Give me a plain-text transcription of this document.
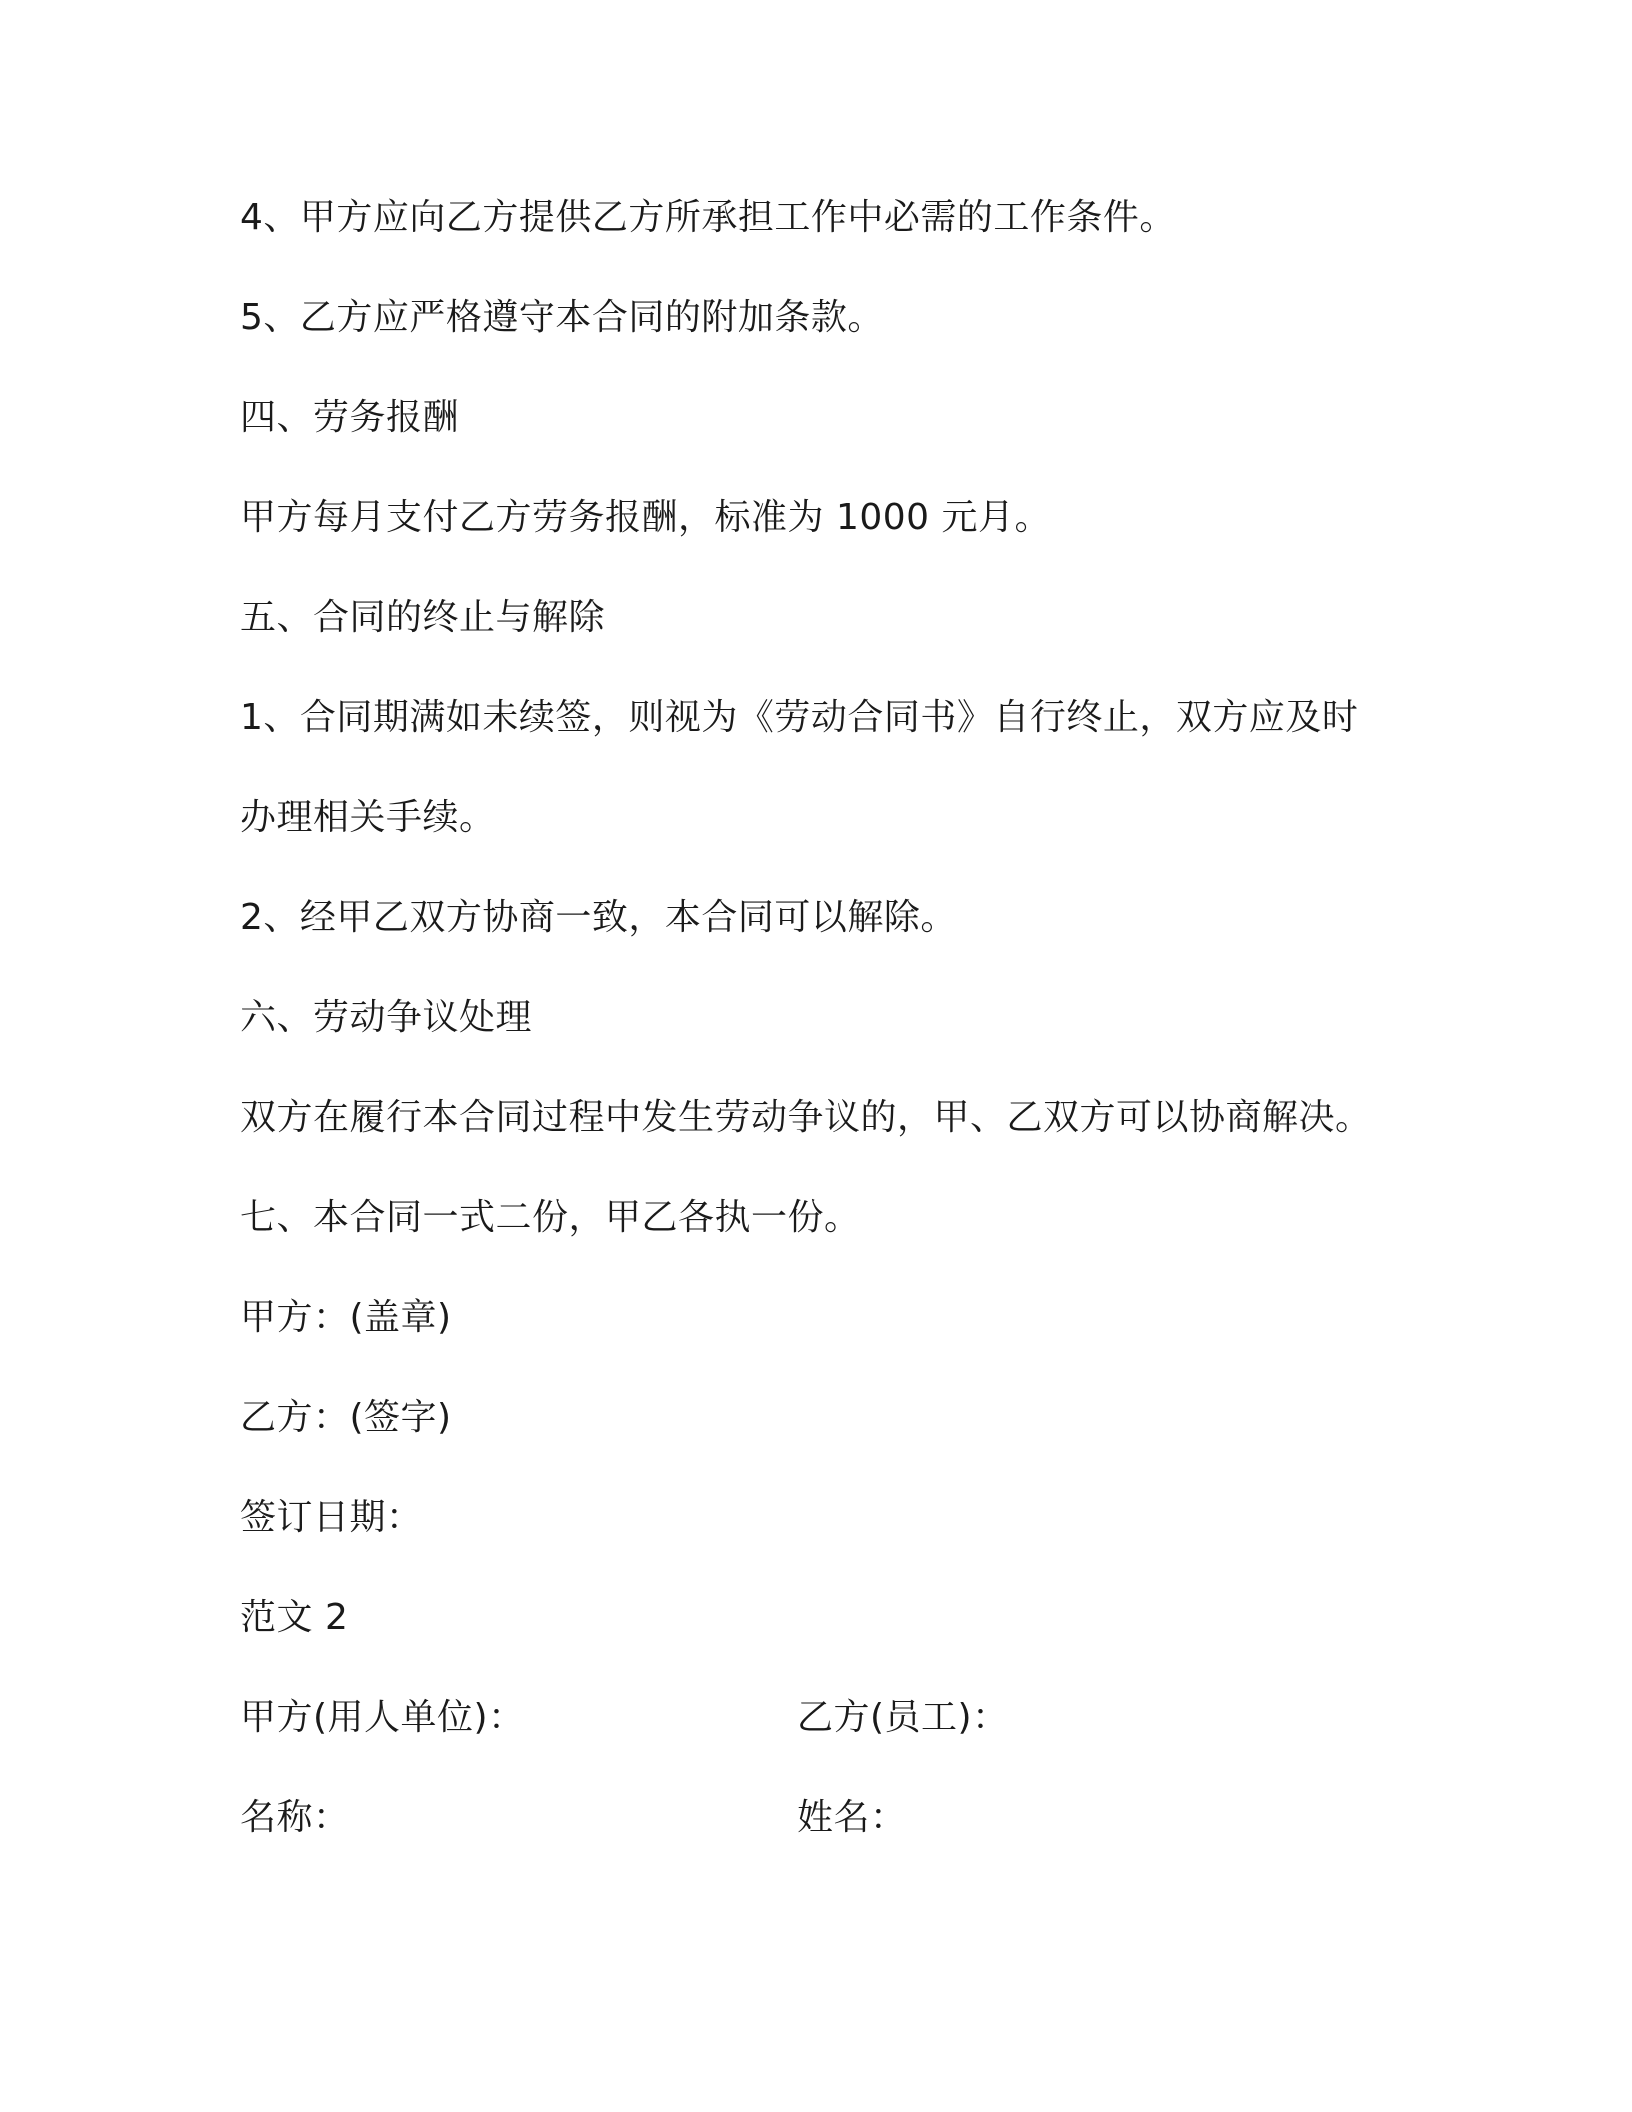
4、甲方应向乙方提供乙方所承担工作中必需的工作条件。
5、乙方应严格遵守本合同的附加条款。
四、劳务报酬
甲方每月支付乙方劳务报酬，标准为 1000 元月。
五、合同的终止与解除
1、合同期满如未续签，则视为《劳动合同书》自行终止，双方应及时
办理相关手续。
2、经甲乙双方协商一致，本合同可以解除。
六、劳动争议处理
双方在履行本合同过程中发生劳动争议的，甲、乙双方可以协商解决。
七、本合同一式二份，甲乙各执一份。
甲方：(盖章)
乙方：(签字)
签订日期：
范文 2
甲方(用人单位)：	乙方(员工)：
名称：	姓名：
